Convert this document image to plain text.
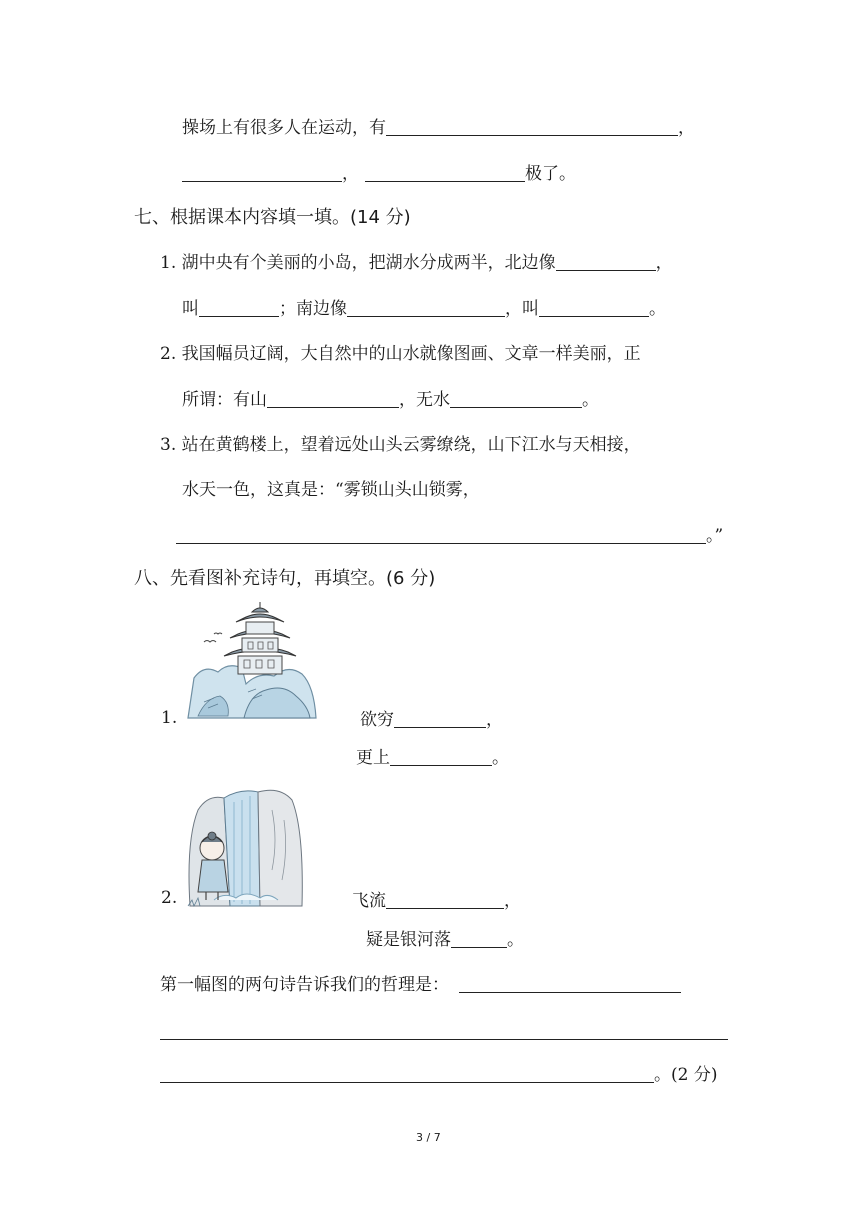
操场上有很多人在运动，有	，
，	极了。
七、根据课本内容填一填。(14 分)
1. 湖中央有个美丽的小岛，把湖水分成两半，北边像	，
叫	；南边像	，叫	。
2. 我国幅员辽阔，大自然中的山水就像图画、文章一样美丽，正
所谓：有山	，无水	。
3. 站在黄鹤楼上，望着远处山头云雾缭绕，山下江水与天相接，
水天一色，这真是：“雾锁山头山锁雾，
。”
八、先看图补充诗句，再填空。(6 分)
1.	欲穷	，
更上	。
2.	飞流	，
疑是银河落	。
第一幅图的两句诗告诉我们的哲理是：
。(2 分)
3 / 7
